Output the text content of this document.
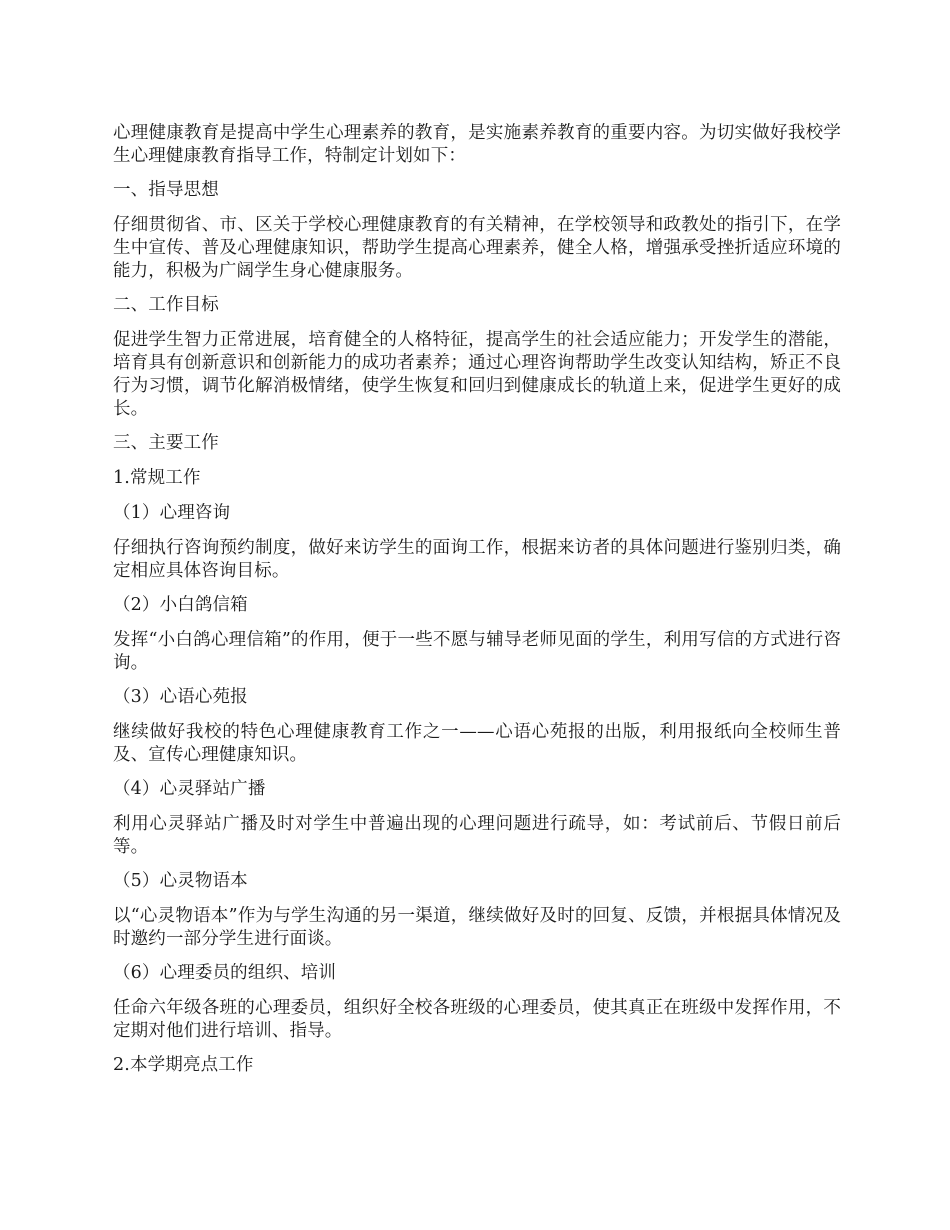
心理健康教育是提高中学生心理素养的教育，是实施素养教育的重要内容。为切实做好我校学生心理健康教育指导工作，特制定计划如下：

一、指导思想

仔细贯彻省、市、区关于学校心理健康教育的有关精神，在学校领导和政教处的指引下，在学生中宣传、普及心理健康知识，帮助学生提高心理素养，健全人格，增强承受挫折适应环境的能力，积极为广阔学生身心健康服务。

二、工作目标

促进学生智力正常进展，培育健全的人格特征，提高学生的社会适应能力；开发学生的潜能，培育具有创新意识和创新能力的成功者素养；通过心理咨询帮助学生改变认知结构，矫正不良行为习惯，调节化解消极情绪，使学生恢复和回归到健康成长的轨道上来，促进学生更好的成长。

三、主要工作

1.常规工作

（1）心理咨询

仔细执行咨询预约制度，做好来访学生的面询工作，根据来访者的具体问题进行鉴别归类，确定相应具体咨询目标。

（2）小白鸽信箱

发挥“小白鸽心理信箱”的作用，便于一些不愿与辅导老师见面的学生，利用写信的方式进行咨询。

（3）心语心苑报

继续做好我校的特色心理健康教育工作之一——心语心苑报的出版，利用报纸向全校师生普及、宣传心理健康知识。

（4）心灵驿站广播

利用心灵驿站广播及时对学生中普遍出现的心理问题进行疏导，如：考试前后、节假日前后等。

（5）心灵物语本

以“心灵物语本”作为与学生沟通的另一渠道，继续做好及时的回复、反馈，并根据具体情况及时邀约一部分学生进行面谈。

（6）心理委员的组织、培训

任命六年级各班的心理委员，组织好全校各班级的心理委员，使其真正在班级中发挥作用，不定期对他们进行培训、指导。

2.本学期亮点工作
